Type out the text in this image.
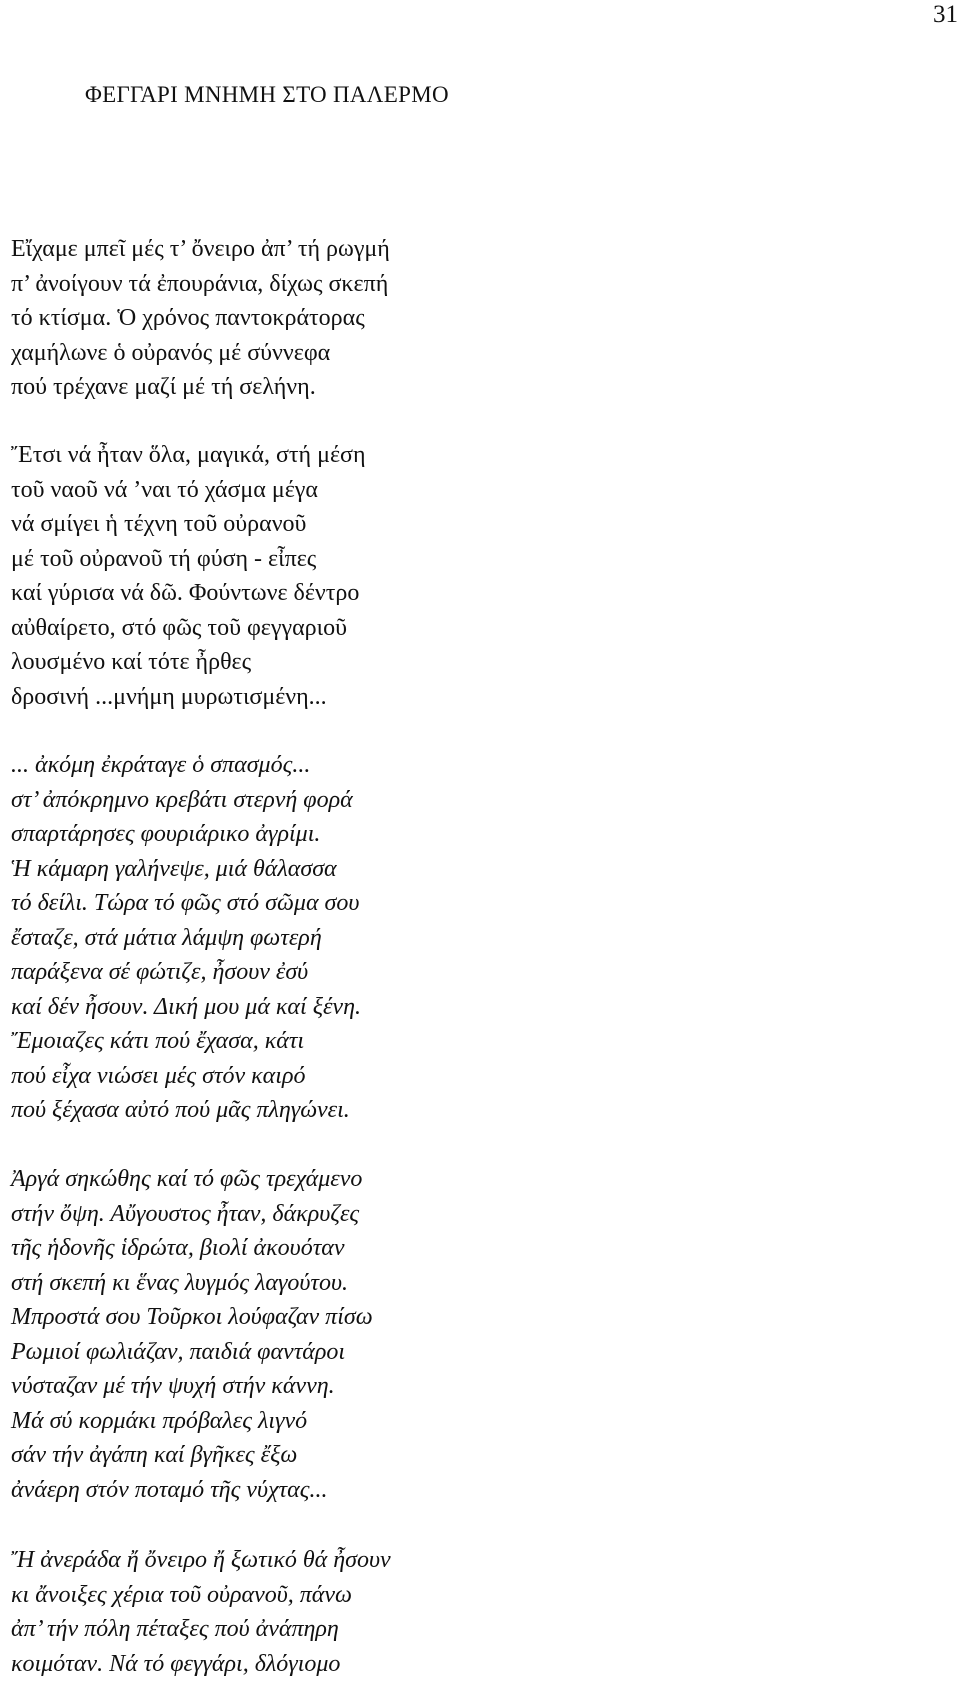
31
ΦΕΓΓΑΡΙ ΜΝΗΜΗ ΣΤΟ ΠΑΛΕΡΜΟ
Εἴχαμε μπεῖ μές τ’ ὄνειρο ἀπ’ τή ρωγμή
π’ ἀνοίγουν τά ἐπουράνια, δίχως σκεπή
τό κτίσμα. Ὁ χρόνος παντοκράτορας
χαμήλωνε ὁ οὐρανός μέ σύννεφα
πού τρέχανε μαζί μέ τή σελήνη.
Ἔτσι νά ἦταν ὅλα, μαγικά, στή μέση
τοῦ ναοῦ νά ’ναι τό χάσμα μέγα
νά σμίγει ἡ τέχνη τοῦ οὐρανοῦ
μέ τοῦ οὐρανοῦ τή φύση - εἶπες
καί γύρισα νά δῶ. Φούντωνε δέντρο
αὐθαίρετο, στό φῶς τοῦ φεγγαριοῦ
λουσμένο καί τότε ἦρθες
δροσινή ...μνήμη μυρωτισμένη...
... ἀκόμη ἐκράταγε ὁ σπασμός...
στ’ ἀπόκρημνο κρεβάτι στερνή φορά
σπαρτάρησες φουριάρικο ἀγρίμι.
Ἡ κάμαρη γαλήνεψε, μιά θάλασσα
τό δείλι. Τώρα τό φῶς στό σῶμα σου
ἔσταζε, στά μάτια λάμψη φωτερή
παράξενα σέ φώτιζε, ἦσουν ἐσύ
καί δέν ἦσουν. Δική μου μά καί ξένη.
Ἔμοιαζες κάτι πού ἔχασα, κάτι
πού εἶχα νιώσει μές στόν καιρό
πού ξέχασα αὐτό πού μᾶς πληγώνει.
Ἀργά σηκώθης καί τό φῶς τρεχάμενο
στήν ὄψη. Αὔγουστος ἦταν, δάκρυζες
τῆς ἡδονῆς ἱδρώτα, βιολί ἀκουόταν
στή σκεπή κι ἕνας λυγμός λαγούτου.
Μπροστά σου Τοῦρκοι λούφαζαν πίσω
Ρωμιοί φωλιάζαν, παιδιά φαντάροι
νύσταζαν μέ τήν ψυχή στήν κάννη.
Μά σύ κορμάκι πρόβαλες λιγνό
σάν τήν ἀγάπη καί βγῆκες ἔξω
ἀνάερη στόν ποταμό τῆς νύχτας...
Ἤ ἀνεράδα ἤ ὄνειρο ἤ ξωτικό θά ἦσουν
κι ἄνοιξες χέρια τοῦ οὐρανοῦ, πάνω
ἀπ’ τήν πόλη πέταξες πού ἀνάπηρη
κοιμόταν. Νά τό φεγγάρι, δλόγιομο
